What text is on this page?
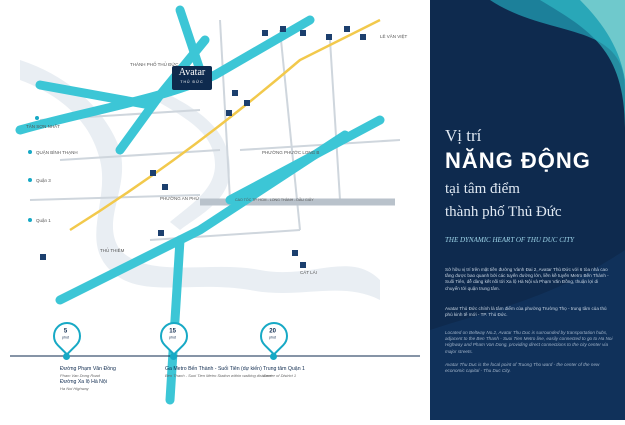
Avatar
THỦ ĐỨC
THÀNH PHỐ THỦ ĐỨC
QUẬN BÌNH THẠNH
Quận 1
Quận 3
PHƯỜNG PHƯỚC LONG B
PHƯỜNG AN PHÚ
CÁT LÁI
THỦ THIÊM
LÊ VĂN VIỆT
TÂN SƠN NHẤT
CAO TỐC TP. HCM - LONG THÀNH - DẦU GIÂY
5
phút
15
phút
20
phút
Đường Phạm Văn Đồng
Pham Van Dong Road
Đường Xa lộ Hà Nội
Ha Noi Highway
Ga Metro Bến Thành - Suối Tiên (dự kiến)
Ben Thanh - Suoi Tien Metro Station within walking distance
Trung tâm Quận 1
Center of District 1
Vị trí
NĂNG ĐỘNG
tại tâm điểm
thành phố Thủ Đức
THE DYNAMIC HEART OF THU DUC CITY
Sở hữu vị trí trên mặt tiền đường Vành Đai 2, Avatar Thủ Đức với 6 tòa nhà cao tầng được bao quanh bởi các tuyến đường lớn, liền kề tuyến Metro Bến Thành - Suối Tiên, dễ dàng kết nối tới Xa lộ Hà Nội và Phạm Văn Đồng, thuận lợi di chuyển tới quận trung tâm.
Avatar Thủ Đức chính là tâm điểm của phường Trường Thọ - trung tâm của thủ phủ kinh tế mới - TP. Thủ Đức.
Located on Beltway No.2, Avatar Thu Duc is surrounded by transportation hubs, adjacent to the Ben Thanh - Suoi Tien Metro line, easily connected to go to Ha Noi Highway and Pham Van Dong, providing direct connections to the city center via major streets.
Avatar Thu Duc is the focal point of Truong Tho ward - the center of the new economic capital - Thu Duc City.
